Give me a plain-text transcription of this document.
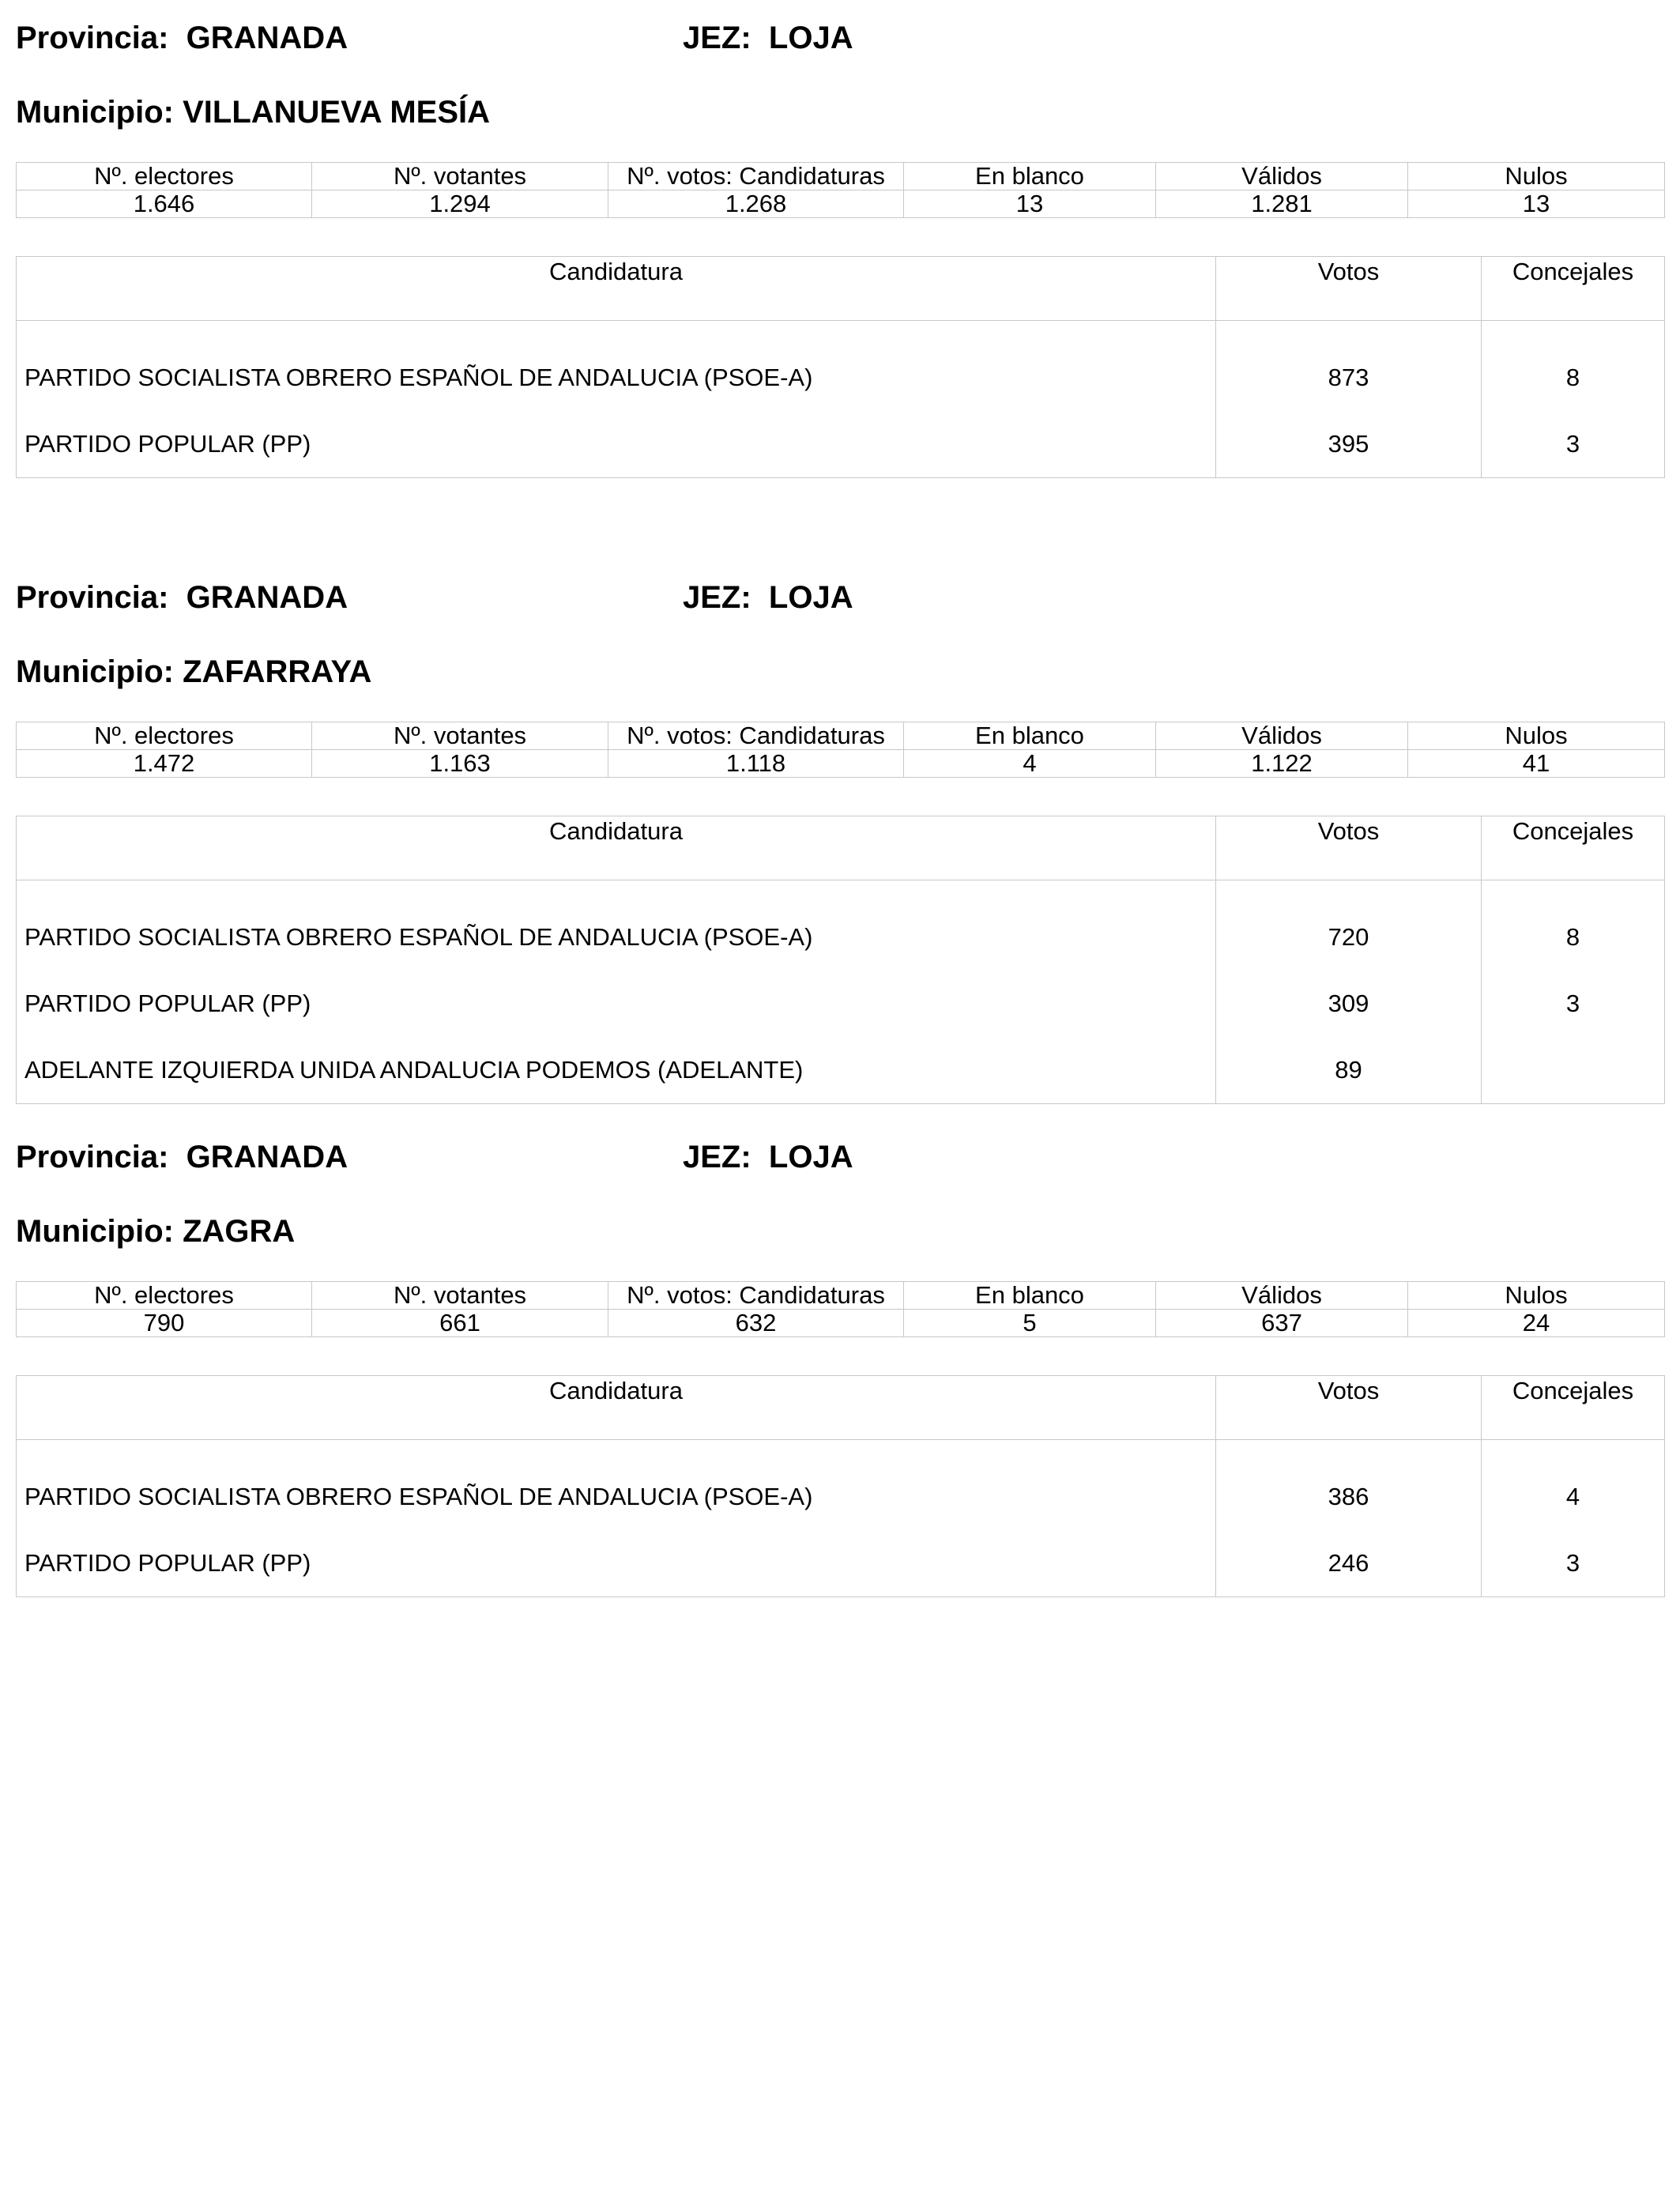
Provincia: GRANADA	JEZ: LOJA
Municipio: VILLANUEVA MESÍA
Nº. electores	Nº. votantes	Nº. votos: Candidaturas	En blanco	Válidos	Nulos
1.646	1.294	1.268	13	1.281	13
Candidatura	Votos	Concejales
PARTIDO SOCIALISTA OBRERO ESPAÑOL DE ANDALUCIA (PSOE-A)	873	8
PARTIDO POPULAR (PP)	395	3
Provincia: GRANADA	JEZ: LOJA
Municipio: ZAFARRAYA
Nº. electores	Nº. votantes	Nº. votos: Candidaturas	En blanco	Válidos	Nulos
1.472	1.163	1.118	4	1.122	41
Candidatura	Votos	Concejales
PARTIDO SOCIALISTA OBRERO ESPAÑOL DE ANDALUCIA (PSOE-A)	720	8
PARTIDO POPULAR (PP)	309	3
ADELANTE IZQUIERDA UNIDA ANDALUCIA PODEMOS (ADELANTE)	89	
Provincia: GRANADA	JEZ: LOJA
Municipio: ZAGRA
Nº. electores	Nº. votantes	Nº. votos: Candidaturas	En blanco	Válidos	Nulos
790	661	632	5	637	24
Candidatura	Votos	Concejales
PARTIDO SOCIALISTA OBRERO ESPAÑOL DE ANDALUCIA (PSOE-A)	386	4
PARTIDO POPULAR (PP)	246	3
